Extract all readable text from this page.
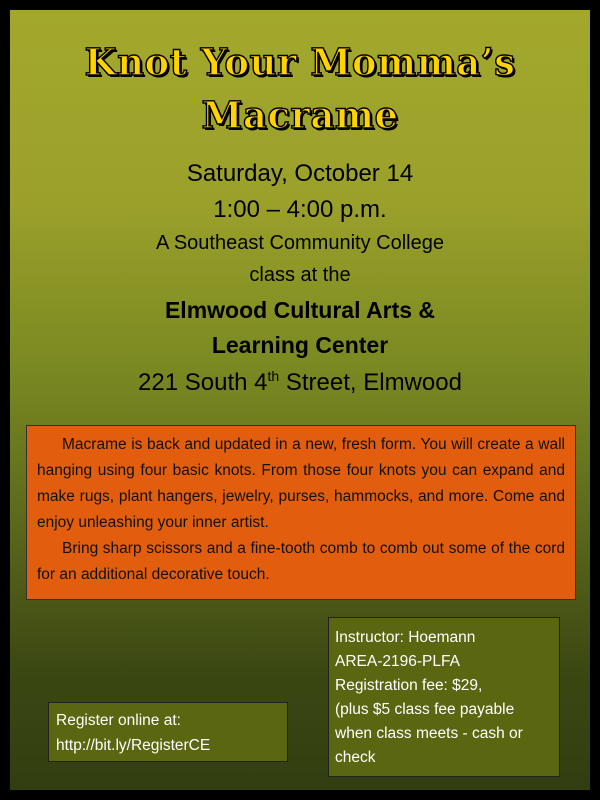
Knot Your Momma’s
Macrame
Saturday, October 14
1:00 – 4:00 p.m.
A Southeast Community College
class at the
Elmwood Cultural Arts &
Learning Center
221 South 4th Street, Elmwood

Macrame is back and updated in a new, fresh form. You will create a wall hanging using four basic knots. From those four knots you can expand and make rugs, plant hangers, jewelry, purses, hammocks, and more. Come and enjoy unleashing your inner artist.

Bring sharp scissors and a fine-tooth comb to comb out some of the cord for an additional decorative touch.

Instructor: Hoemann
AREA-2196-PLFA
Registration fee: $29,
(plus $5 class fee payable
when class meets - cash or
check
Register online at:
http://bit.ly/RegisterCE
